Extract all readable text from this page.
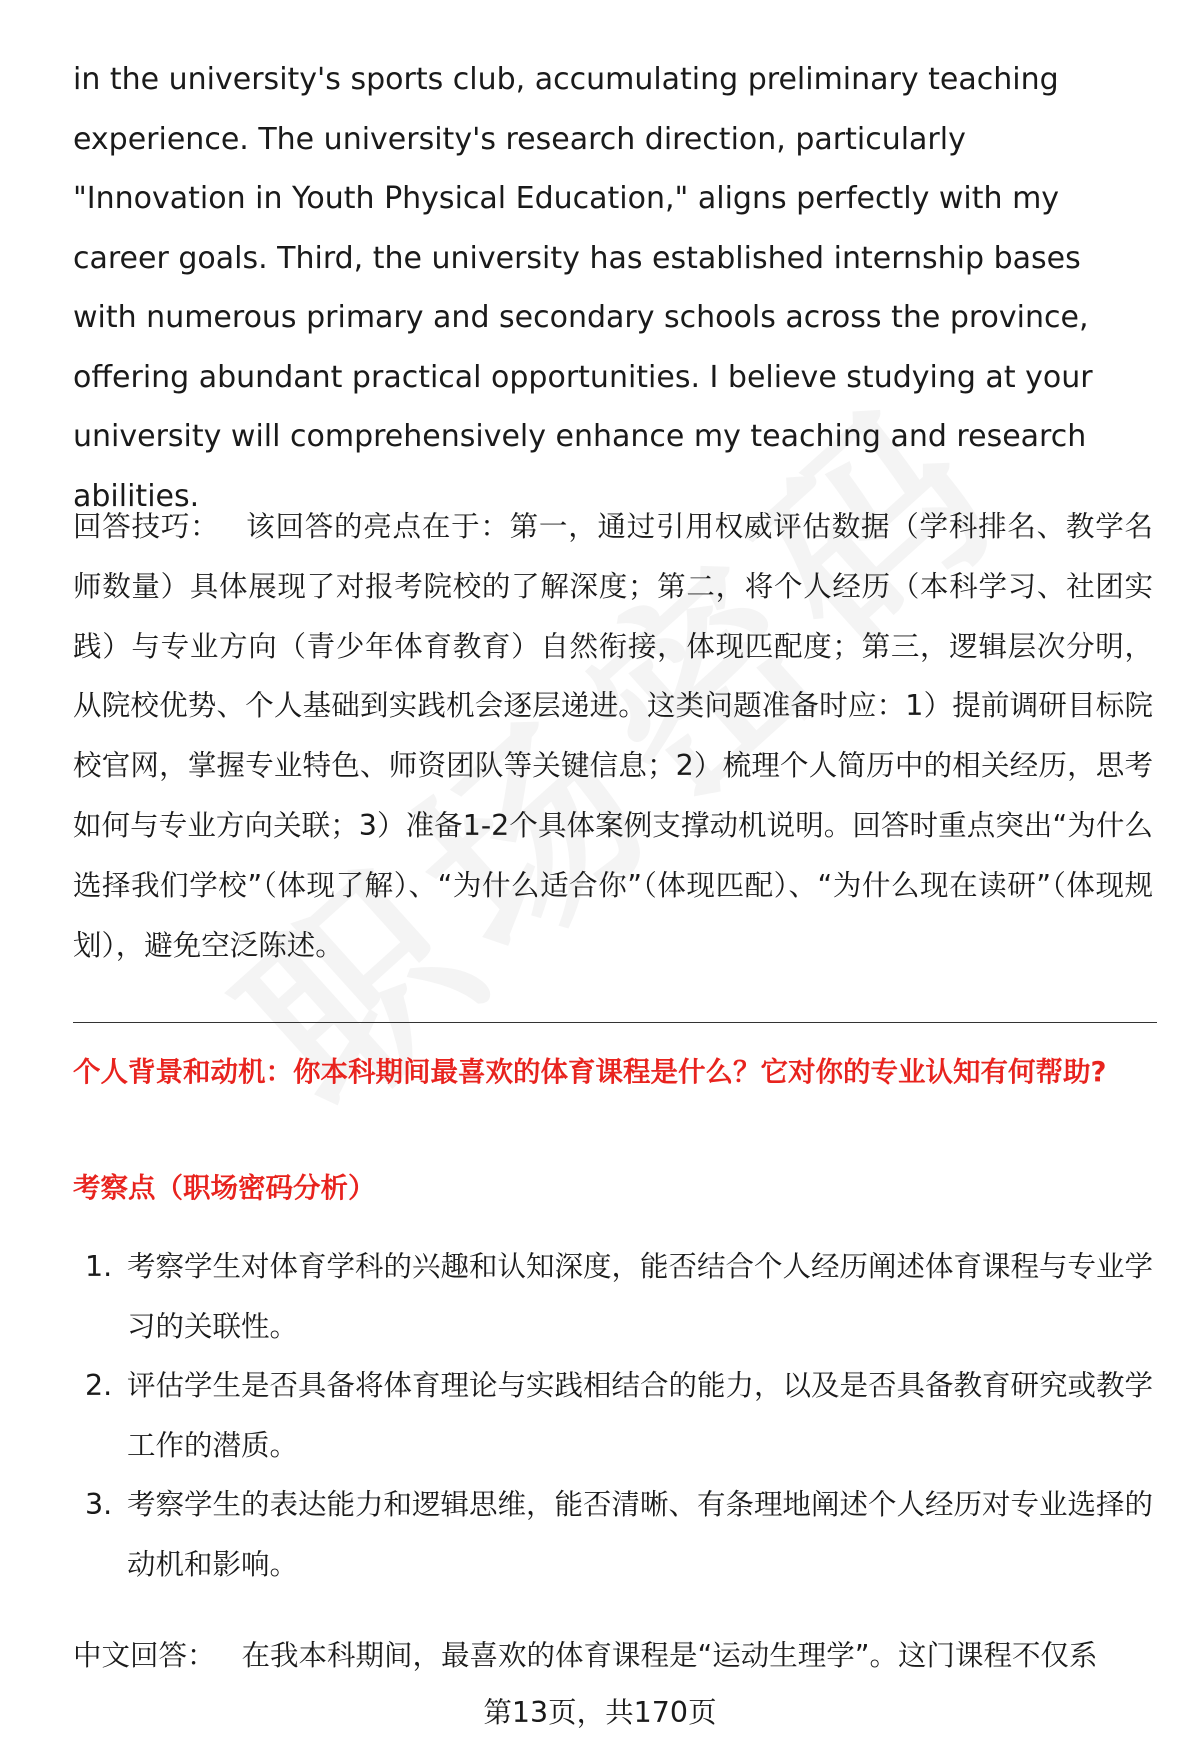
in the university's sports club, accumulating preliminary teaching experience. The university's research direction, particularly "Innovation in Youth Physical Education," aligns perfectly with my career goals. Third, the university has established internship bases with numerous primary and secondary schools across the province, offering abundant practical opportunities. I believe studying at your university will comprehensively enhance my teaching and research abilities.

回答技巧： 该回答的亮点在于：第一，通过引用权威评估数据（学科排名、教学名师数量）具体展现了对报考院校的了解深度；第二，将个人经历（本科学习、社团实践）与专业方向（青少年体育教育）自然衔接，体现匹配度；第三，逻辑层次分明，从院校优势、个人基础到实践机会逐层递进。这类问题准备时应：1）提前调研目标院校官网，掌握专业特色、师资团队等关键信息；2）梳理个人简历中的相关经历，思考如何与专业方向关联；3）准备1-2个具体案例支撑动机说明。回答时重点突出“为什么选择我们学校”（体现了解）、“为什么适合你”（体现匹配）、“为什么现在读研”（体现规划），避免空泛陈述。

个人背景和动机：你本科期间最喜欢的体育课程是什么？它对你的专业认知有何帮助?
考察点（职场密码分析）
1. 考察学生对体育学科的兴趣和认知深度，能否结合个人经历阐述体育课程与专业学习的关联性。
2. 评估学生是否具备将体育理论与实践相结合的能力，以及是否具备教育研究或教学工作的潜质。
3. 考察学生的表达能力和逻辑思维，能否清晰、有条理地阐述个人经历对专业选择的动机和影响。

中文回答： 在我本科期间，最喜欢的体育课程是“运动生理学”。这门课程不仅系

第13页，共170页
